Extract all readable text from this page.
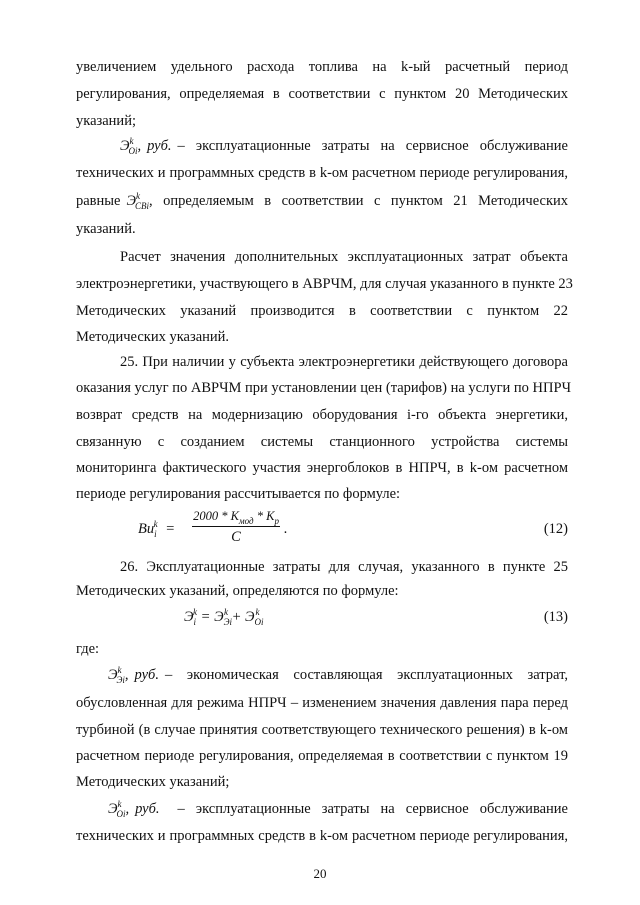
увеличением удельного расхода топлива на k-ый расчетный период
регулирования, определяемая в соответствии с пунктом 20 Методических
указаний;
$Э^k_{Oi}$, руб. – эксплуатационные затраты на сервисное обслуживание
технических и программных средств в k-ом расчетном периоде регулирования,
равные $Э^k_{CBi}$ , определяемым в соответствии с пунктом 21 Методических
указаний.
Расчет значения дополнительных эксплуатационных затрат объекта
электроэнергетики, участвующего в АВРЧМ, для случая указанного в пункте 23
Методических указаний производится в соответствии с пунктом 22
Методических указаний.
25. При наличии у субъекта электроэнергетики действующего договора
оказания услуг по АВРЧМ при установлении цен (тарифов) на услуги по НПРЧ
возврат средств на модернизацию оборудования i-го объекта энергетики,
связанную с созданием системы станционного устройства системы
мониторинга фактического участия энергоблоков в НПРЧ, в k-ом расчетном
периоде регулирования рассчитывается по формуле:
$Bu_i^k$ =
$2000 * K_{мод} * K_p$
C	.	(12)
26. Эксплуатационные затраты для случая, указанного в пункте 25
Методических указаний, определяются по формуле:
$Э_i^k = Э_{Эi}^k + Э_{Oi}^k$	(13)
где:
$Э^k_{Эi}$, руб. – экономическая составляющая эксплуатационных затрат,
обусловленная для режима НПРЧ – изменением значения давления пара перед
турбиной (в случае принятия соответствующего технического решения) в k-ом
расчетном периоде регулирования, определяемая в соответствии с пунктом 19
Методических указаний;
$Э^k_{Oi}$, руб. – эксплуатационные затраты на сервисное обслуживание
технических и программных средств в k-ом расчетном периоде регулирования,
20
